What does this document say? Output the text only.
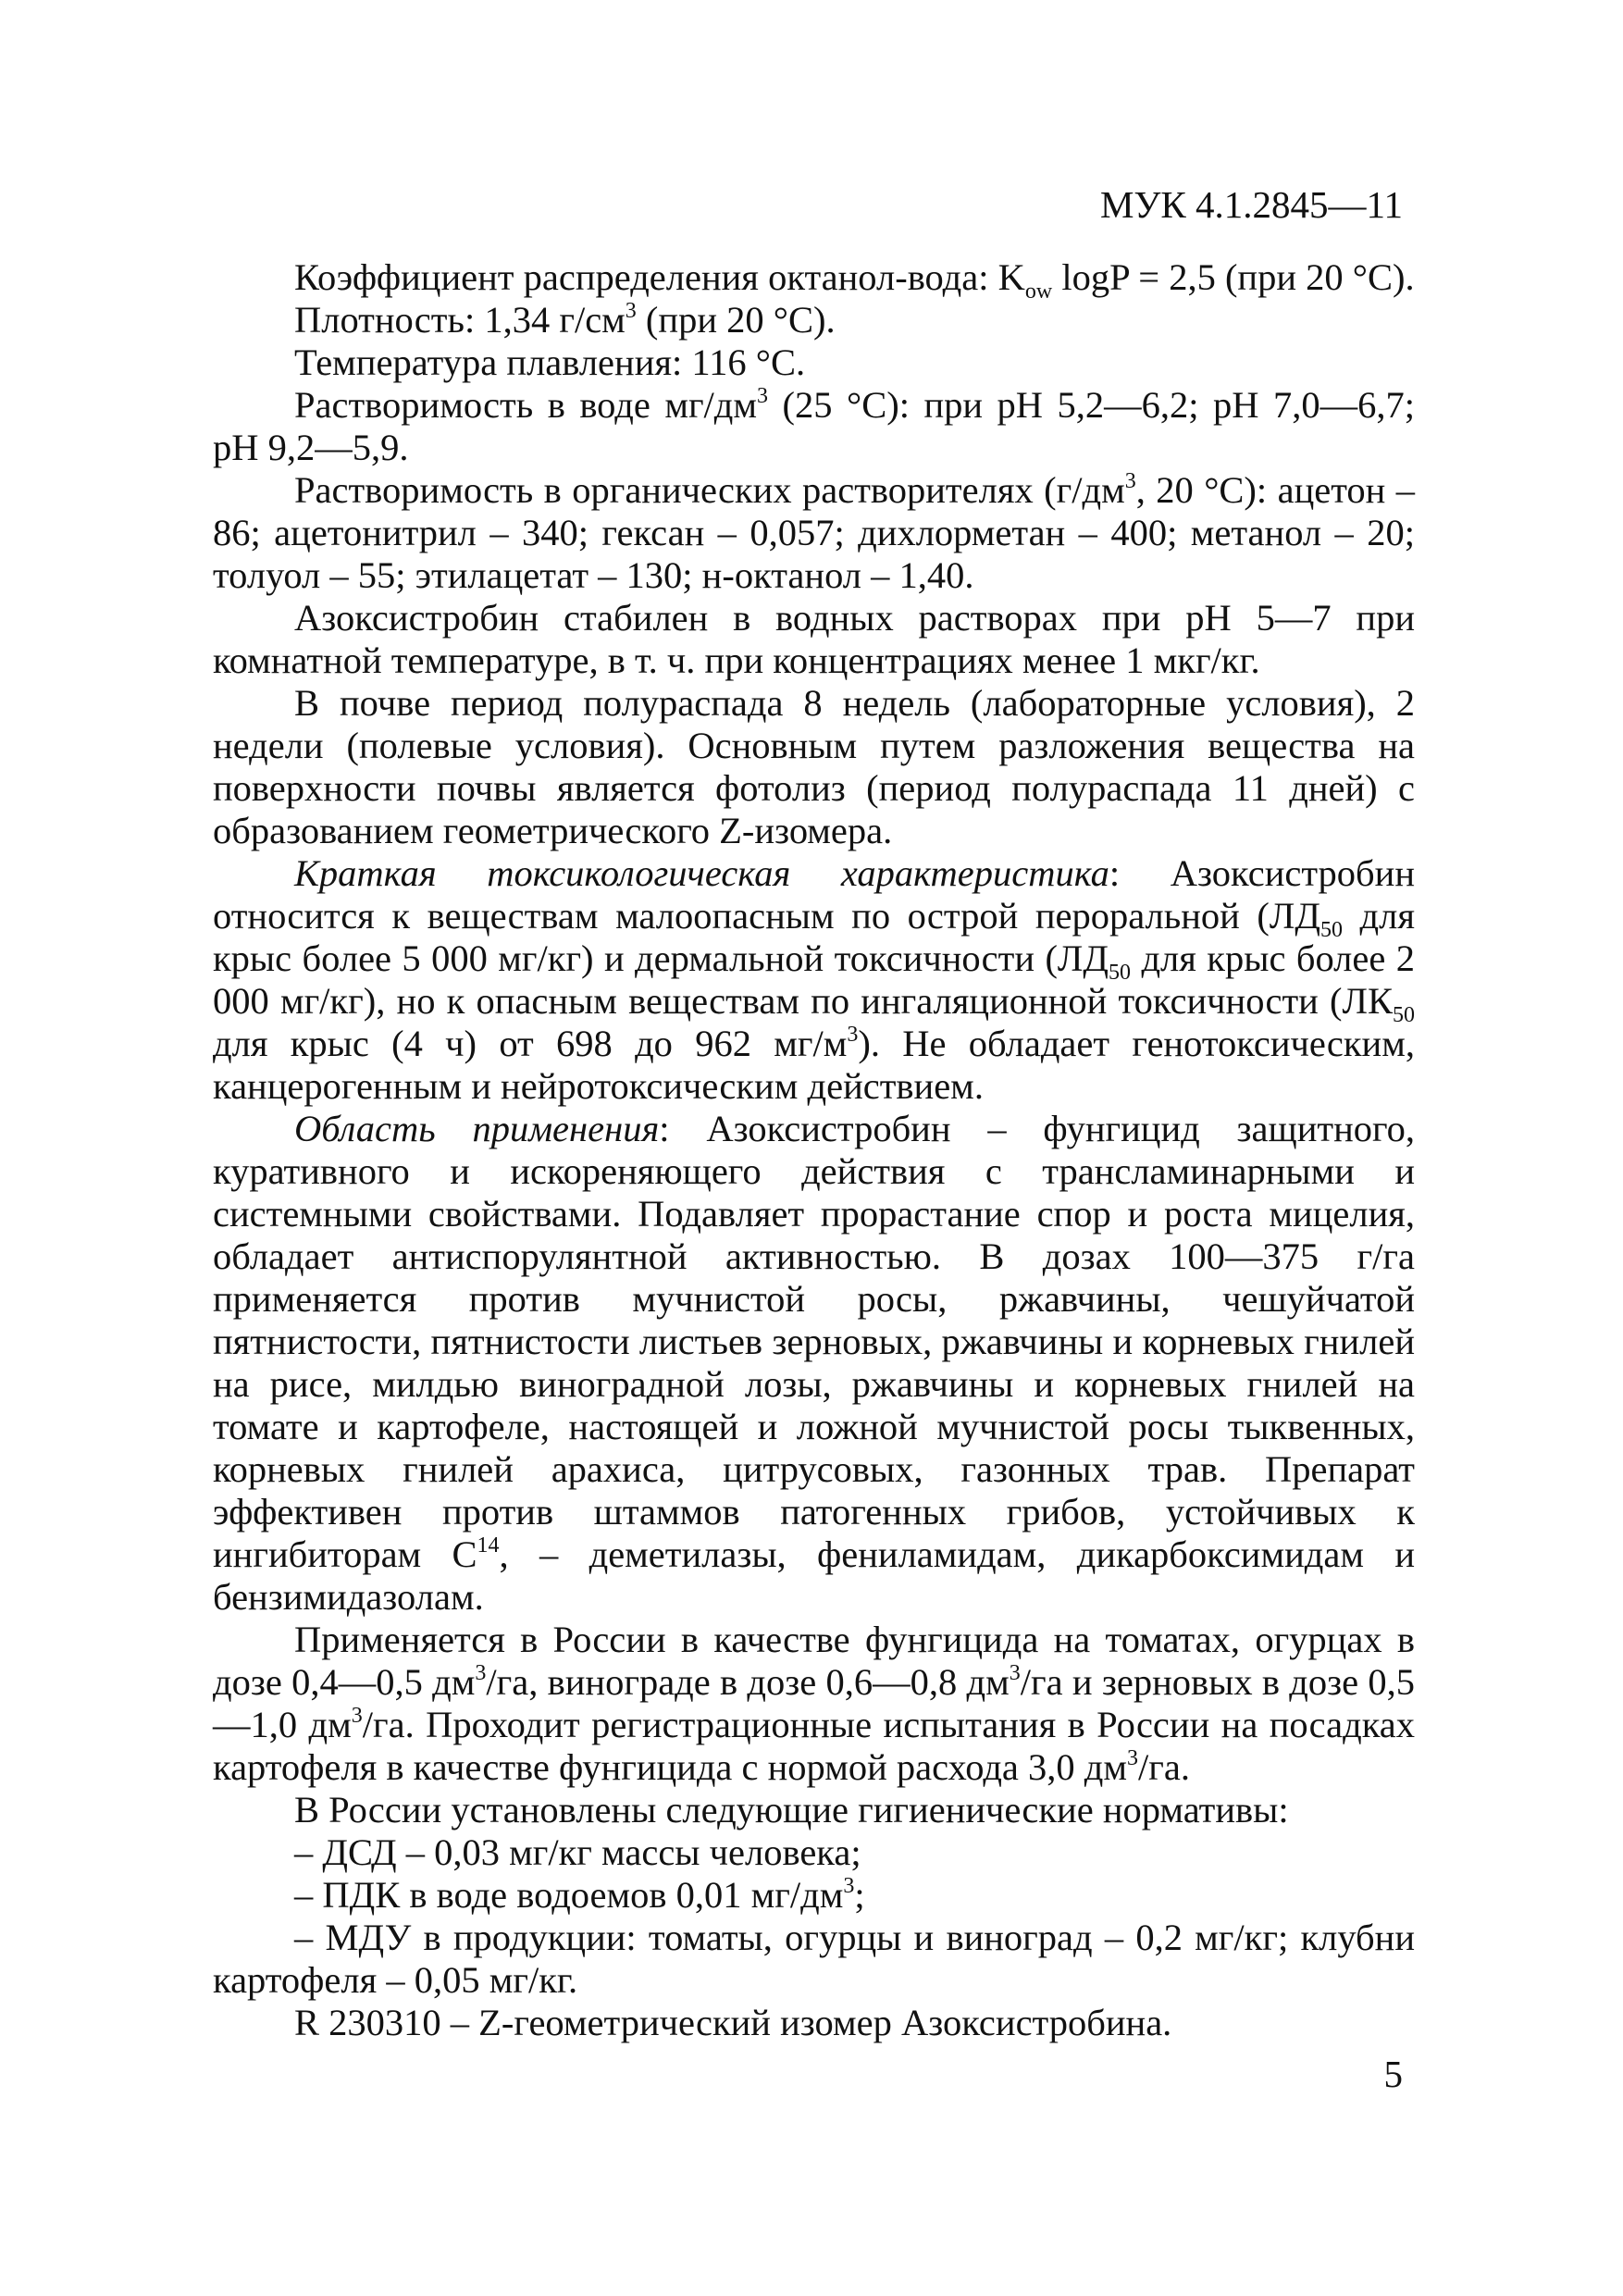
МУК 4.1.2845—11

Коэффициент распределения октанол-вода: $K_{ow}$ logP = 2,5 (при 20 °C).

Плотность: 1,34 $г/см^3$ (при 20 °C).

Температура плавления: 116 °C.

Растворимость в воде $мг/дм^3$ (25 °C): при pH 5,2—6,2; pH 7,0—6,7; pH 9,2—5,9.

Растворимость в органических растворителях ($г/дм^3$, 20 °C): ацетон – 86; ацетонитрил – 340; гексан – 0,057; дихлорметан – 400; метанол – 20; толуол – 55; этилацетат – 130; н-октанол – 1,40.

Азоксистробин стабилен в водных растворах при pH 5—7 при комнатной температуре, в т. ч. при концентрациях менее 1 мкг/кг.

В почве период полураспада 8 недель (лабораторные условия), 2 недели (полевые условия). Основным путем разложения вещества на поверхности почвы является фотолиз (период полураспада 11 дней) с образованием геометрического Z-изомера.

Краткая токсикологическая характеристика: Азоксистробин относится к веществам малоопасным по острой пероральной ($ЛД_{50}$ для крыс более 5 000 мг/кг) и дермальной токсичности ($ЛД_{50}$ для крыс более 2 000 мг/кг), но к опасным веществам по ингаляционной токсичности ($ЛК_{50}$ для крыс (4 ч) от 698 до 962 $мг/м^3$). Не обладает генотоксическим, канцерогенным и нейротоксическим действием.

Область применения: Азоксистробин – фунгицид защитного, куративного и искореняющего действия с трансламинарными и системными свойствами. Подавляет прорастание спор и роста мицелия, обладает антиспорулянтной активностью. В дозах 100—375 г/га применяется против мучнистой росы, ржавчины, чешуйчатой пятнистости, пятнистости листьев зерновых, ржавчины и корневых гнилей на рисе, милдью виноградной лозы, ржавчины и корневых гнилей на томате и картофеле, настоящей и ложной мучнистой росы тыквенных, корневых гнилей арахиса, цитрусовых, газонных трав. Препарат эффективен против штаммов патогенных грибов, устойчивых к ингибиторам $C^{14}$, – деметилазы, фениламидам, дикарбоксимидам и бензимидазолам.

Применяется в России в качестве фунгицида на томатах, огурцах в дозе 0,4—0,5 $дм^3/га$, винограде в дозе 0,6—0,8 $дм^3/га$ и зерновых в дозе 0,5—1,0 $дм^3/га$. Проходит регистрационные испытания в России на посадках картофеля в качестве фунгицида с нормой расхода 3,0 $дм^3/га$.

В России установлены следующие гигиенические нормативы:

– ДСД – 0,03 мг/кг массы человека;

– ПДК в воде водоемов 0,01 $мг/дм^3$;

– МДУ в продукции: томаты, огурцы и виноград – 0,2 мг/кг; клубни картофеля – 0,05 мг/кг.

R 230310 – Z-геометрический изомер Азоксистробина.

5
